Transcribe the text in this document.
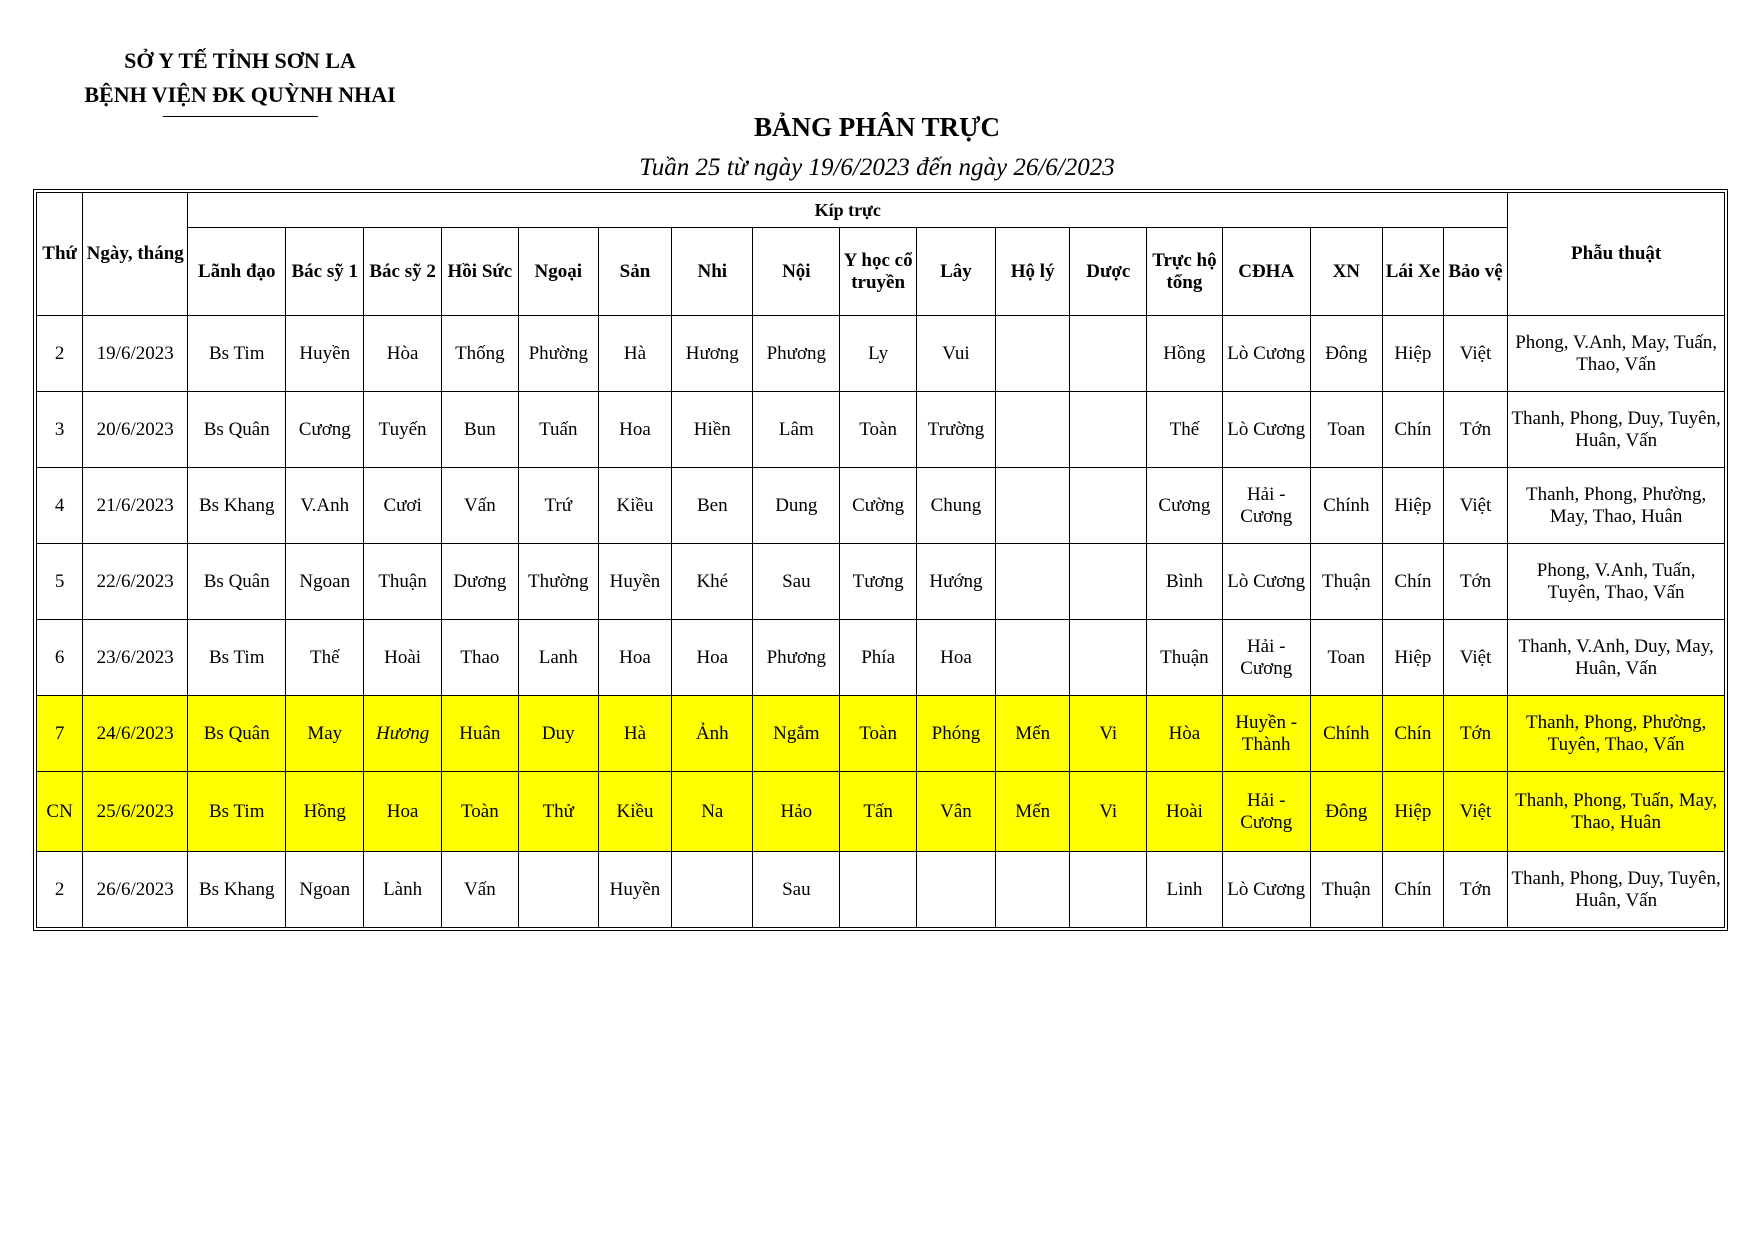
SỞ Y TẾ TỈNH SƠN LA
BỆNH VIỆN ĐK QUỲNH NHAI
BẢNG PHÂN TRỰC
Tuần 25 từ ngày 19/6/2023 đến ngày 26/6/2023
Thứ	Ngày, tháng	Kíp trực																	Phẫu thuật
		Lãnh đạo	Bác sỹ 1	Bác sỹ 2	Hồi Sức	Ngoại	Sản	Nhi	Nội	Y học cổ truyền	Lây	Hộ lý	Dược	Trực hộ tổng	CĐHA	XN	Lái Xe	Bảo vệ	
2	19/6/2023	Bs Tim	Huyền	Hòa	Thống	Phường	Hà	Hương	Phương	Ly	Vui			Hồng	Lò Cương	Đông	Hiệp	Việt	Phong, V.Anh, May, Tuấn, Thao, Vấn
3	20/6/2023	Bs Quân	Cương	Tuyến	Bun	Tuấn	Hoa	Hiền	Lâm	Toàn	Trường			Thế	Lò Cương	Toan	Chín	Tớn	Thanh, Phong, Duy, Tuyên, Huân, Vấn
4	21/6/2023	Bs Khang	V.Anh	Cươi	Vấn	Trứ	Kiều	Ben	Dung	Cường	Chung			Cương	Hải - Cương	Chính	Hiệp	Việt	Thanh, Phong, Phường, May, Thao, Huân
5	22/6/2023	Bs Quân	Ngoan	Thuận	Dương	Thường	Huyền	Khé	Sau	Tương	Hướng			Bình	Lò Cương	Thuận	Chín	Tớn	Phong, V.Anh, Tuấn, Tuyên, Thao, Vấn
6	23/6/2023	Bs Tim	Thế	Hoài	Thao	Lanh	Hoa	Hoa	Phương	Phía	Hoa			Thuận	Hải - Cương	Toan	Hiệp	Việt	Thanh, V.Anh, Duy, May, Huân, Vấn
7	24/6/2023	Bs Quân	May	Hương	Huân	Duy	Hà	Ảnh	Ngắm	Toàn	Phóng	Mến	Vi	Hòa	Huyền - Thành	Chính	Chín	Tớn	Thanh, Phong, Phường, Tuyên, Thao, Vấn
CN	25/6/2023	Bs Tim	Hồng	Hoa	Toàn	Thử	Kiều	Na	Hảo	Tấn	Vân	Mến	Vi	Hoài	Hải - Cương	Đông	Hiệp	Việt	Thanh, Phong, Tuấn, May, Thao, Huân
2	26/6/2023	Bs Khang	Ngoan	Lành	Vấn		Huyền		Sau					Linh	Lò Cương	Thuận	Chín	Tớn	Thanh, Phong, Duy, Tuyên, Huân, Vấn
